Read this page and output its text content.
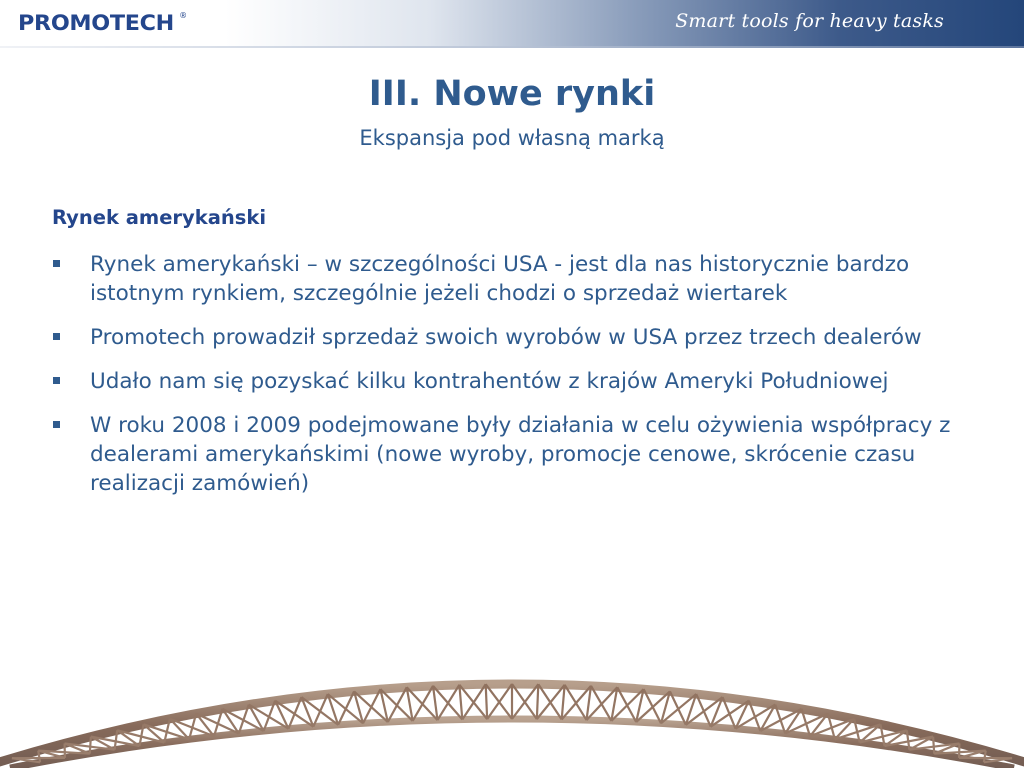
PROMOTECH ®	Smart tools for heavy tasks
III. Nowe rynki
Ekspansja pod własną marką
Rynek amerykański
Rynek amerykański – w szczególności USA - jest dla nas historycznie bardzo istotnym rynkiem, szczególnie jeżeli chodzi o sprzedaż wiertarek
Promotech prowadził sprzedaż swoich wyrobów w USA przez trzech dealerów
Udało nam się pozyskać kilku kontrahentów z krajów Ameryki Południowej
W roku 2008 i 2009 podejmowane były działania w celu ożywienia współpracy z dealerami amerykańskimi (nowe wyroby, promocje cenowe, skrócenie czasu realizacji zamówień)
